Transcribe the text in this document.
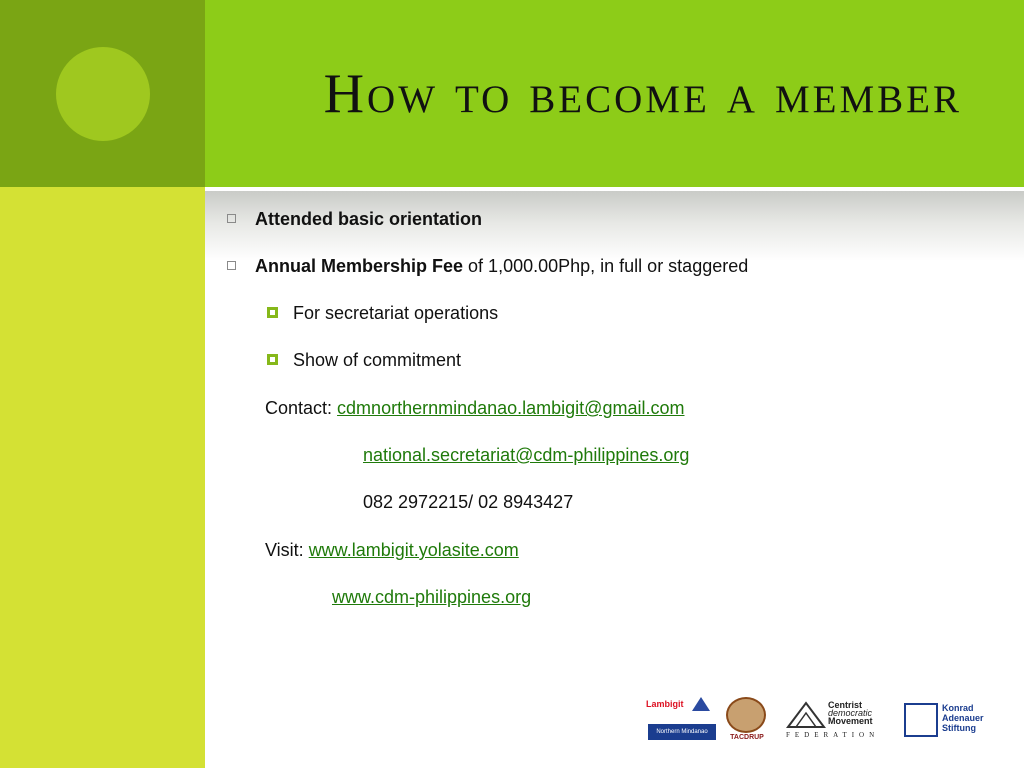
How to become a member
Attended basic orientation
Annual Membership Fee of 1,000.00Php, in full or staggered
For secretariat operations
Show of commitment
Contact: cdmnorthernmindanao.lambigit@gmail.com
national.secretariat@cdm-philippines.org
082 2972215/ 02 8943427
Visit: www.lambigit.yolasite.com
www.cdm-philippines.org
Lambigit
Northern Mindanao
TACDRUP
Centrist
democratic
Movement
FEDERATION
Konrad
Adenauer
Stiftung
